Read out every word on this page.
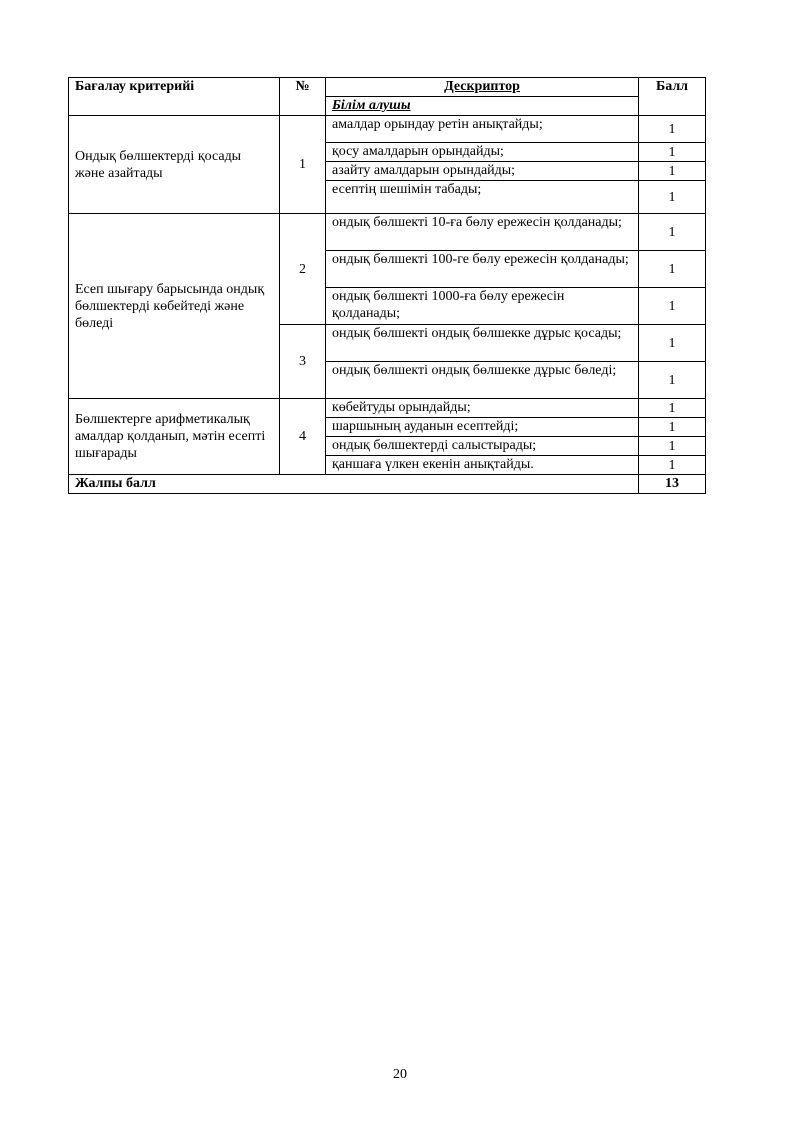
Бағалау критерийі	№	Дескриптор	Балл
		Білім алушы	
Ондық бөлшектерді қосады және азайтады	1	амалдар орындау ретін анықтайды;	1
		қосу амалдарын орындайды;	1
		азайту амалдарын орындайды;	1
		есептің шешімін табады;	1
Есеп шығару барысында ондық бөлшектерді көбейтеді және бөледі	2	ондық бөлшекті 10-ға бөлу ережесін қолданады;	1
		ондық бөлшекті 100-ге бөлу ережесін қолданады;	1
		ондық бөлшекті 1000-ға бөлу ережесін қолданады;	1
	3	ондық бөлшекті ондық бөлшекке дұрыс қосады;	1
		ондық бөлшекті ондық бөлшекке дұрыс бөледі;	1
Бөлшектерге арифметикалық амалдар қолданып, мәтін есепті шығарады	4	көбейтуды орындайды;	1
		шаршының ауданын есептейді;	1
		ондық бөлшектерді салыстырады;	1
		қаншаға үлкен екенін анықтайды.	1
Жалпы балл			13
20
